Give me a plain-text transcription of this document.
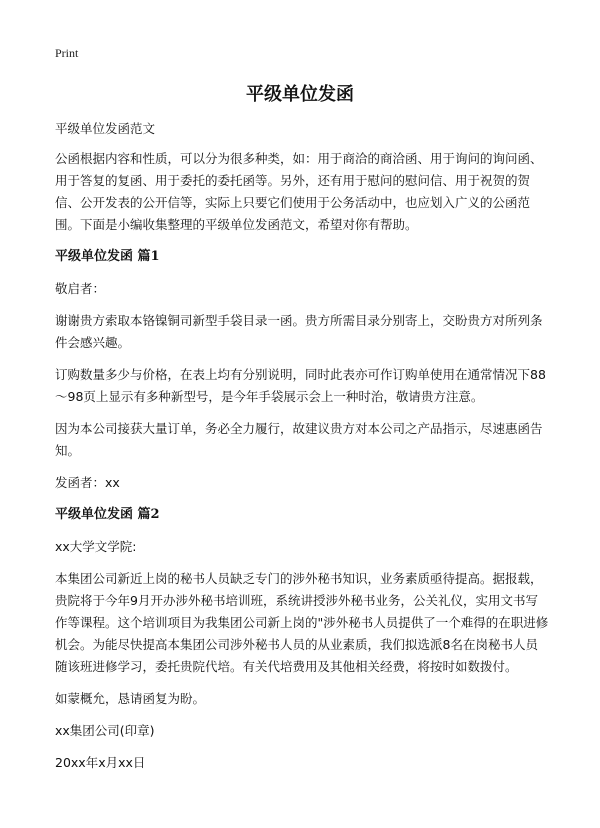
Print
平级单位发函

平级单位发函范文

公函根据内容和性质，可以分为很多种类，如：用于商洽的商洽函、用于询问的询问函、用于答复的复函、用于委托的委托函等。另外，还有用于慰问的慰问信、用于祝贺的贺信、公开发表的公开信等，实际上只要它们使用于公务活动中，也应划入广义的公函范围。下面是小编收集整理的平级单位发函范文，希望对你有帮助。

平级单位发函 篇1

敬启者：

谢谢贵方索取本铬镍铜司新型手袋目录一函。贵方所需目录分别寄上，交盼贵方对所列条件会感兴趣。

订购数量多少与价格，在表上均有分别说明，同时此表亦可作订购单使用在通常情况下88～98页上显示有多种新型号，是今年手袋展示会上一种时治，敬请贵方注意。

因为本公司接获大量订单，务必全力履行，故建议贵方对本公司之产品指示，尽速惠函告知。

发函者：xx

平级单位发函 篇2

xx大学文学院:

本集团公司新近上岗的秘书人员缺乏专门的涉外秘书知识，业务素质亟待提高。据报载，贵院将于今年9月开办涉外秘书培训班，系统讲授涉外秘书业务，公关礼仪，实用文书写作等课程。这个培训项目为我集团公司新上岗的"涉外秘书人员提供了一个难得的在职进修机会。为能尽快提高本集团公司涉外秘书人员的从业素质，我们拟选派8名在岗秘书人员随该班进修学习，委托贵院代培。有关代培费用及其他相关经费，将按时如数拨付。

如蒙概允，恳请函复为盼。

xx集团公司(印章)

20xx年x月xx日
